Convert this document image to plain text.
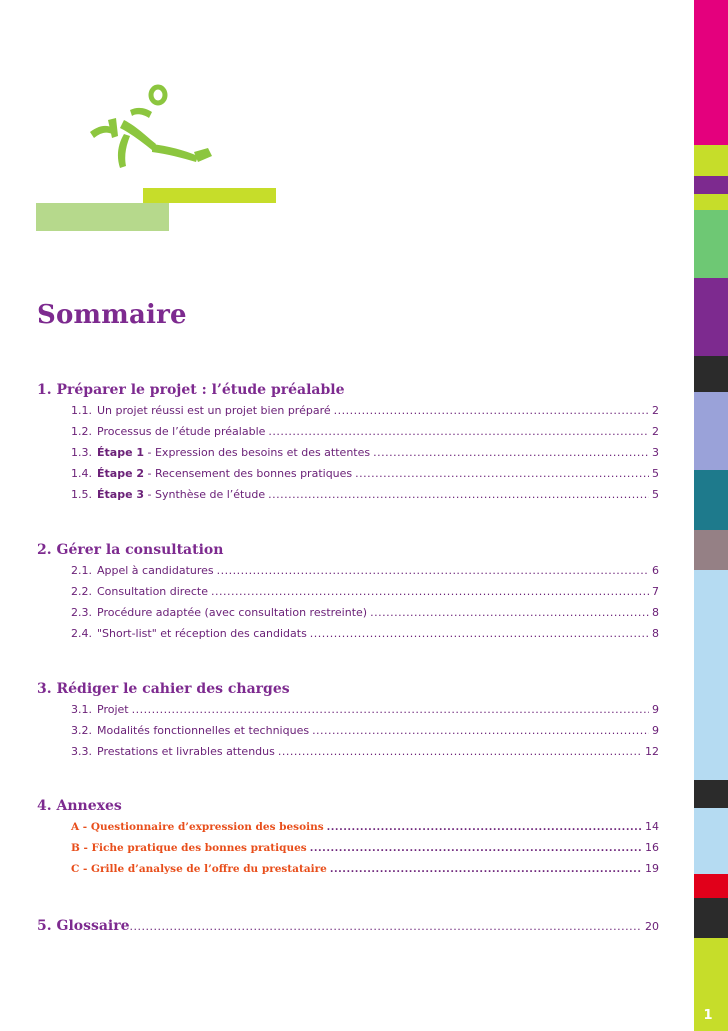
Sommaire
1. Préparer le projet : l’étude préalable
1.1. Un projet réussi est un projet bien préparé .....	2
1.2. Processus de l’étude préalable .....	2
1.3. Étape 1 - Expression des besoins et des attentes .....	3
1.4. Étape 2 - Recensement des bonnes pratiques .....	5
1.5. Étape 3 - Synthèse de l’étude .....	5
2. Gérer la consultation
2.1. Appel à candidatures .....	6
2.2. Consultation directe .....	7
2.3. Procédure adaptée (avec consultation restreinte) .....	8
2.4. "Short-list" et réception des candidats .....	8
3. Rédiger le cahier des charges
3.1. Projet .....	9
3.2. Modalités fonctionnelles et techniques .....	9
3.3. Prestations et livrables attendus .....	12
4. Annexes
A - Questionnaire d’expression des besoins .....	14
B - Fiche pratique des bonnes pratiques .....	16
C - Grille d’analyse de l’offre du prestataire .....	19
5. Glossaire .....	20
1
